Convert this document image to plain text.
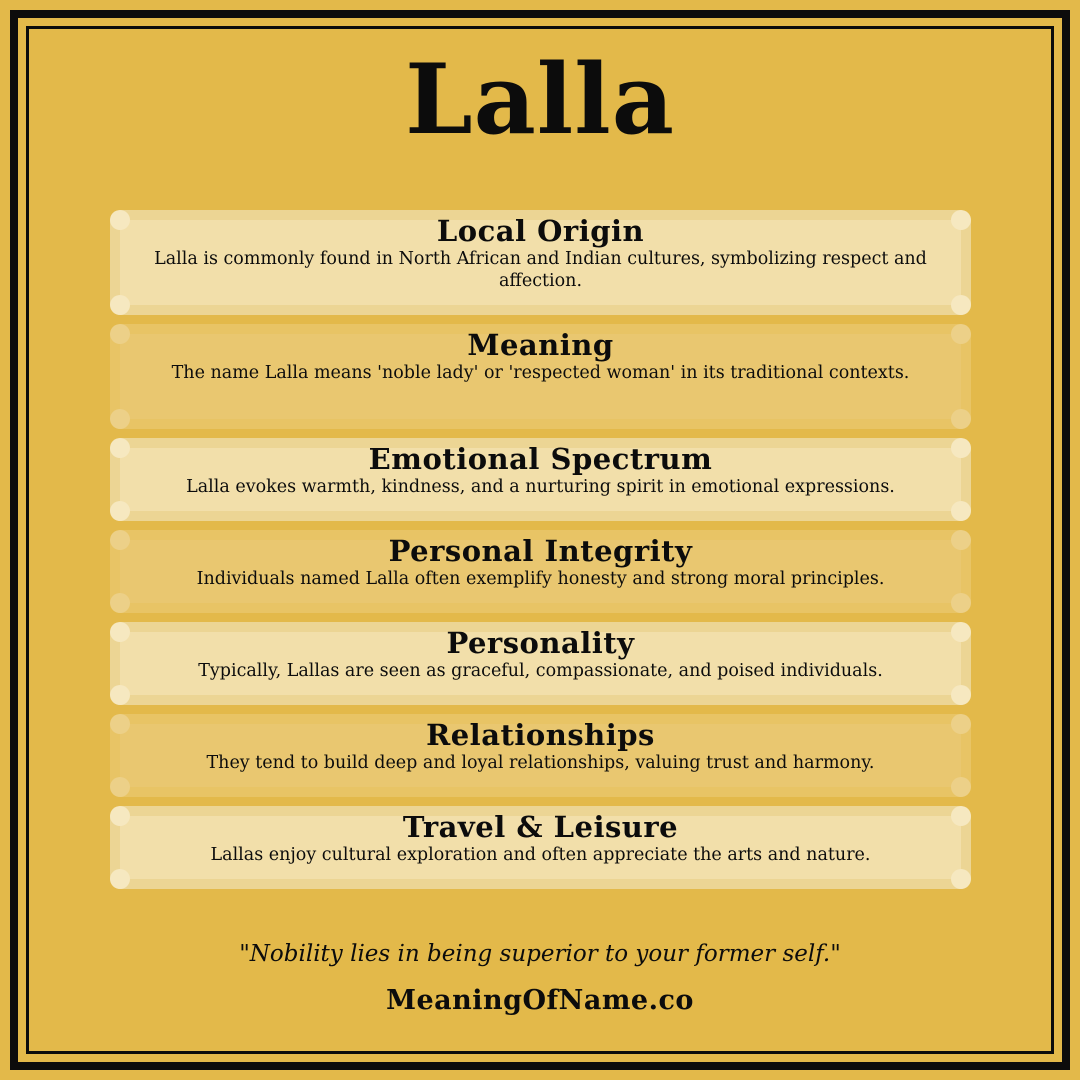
Lalla
Local Origin

Lalla is commonly found in North African and Indian cultures, symbolizing respect and affection.

Meaning

The name Lalla means 'noble lady' or 'respected woman' in its traditional contexts.

Emotional Spectrum

Lalla evokes warmth, kindness, and a nurturing spirit in emotional expressions.

Personal Integrity

Individuals named Lalla often exemplify honesty and strong moral principles.

Personality

Typically, Lallas are seen as graceful, compassionate, and poised individuals.

Relationships

They tend to build deep and loyal relationships, valuing trust and harmony.

Travel & Leisure

Lallas enjoy cultural exploration and often appreciate the arts and nature.

"Nobility lies in being superior to your former self."
MeaningOfName.co
